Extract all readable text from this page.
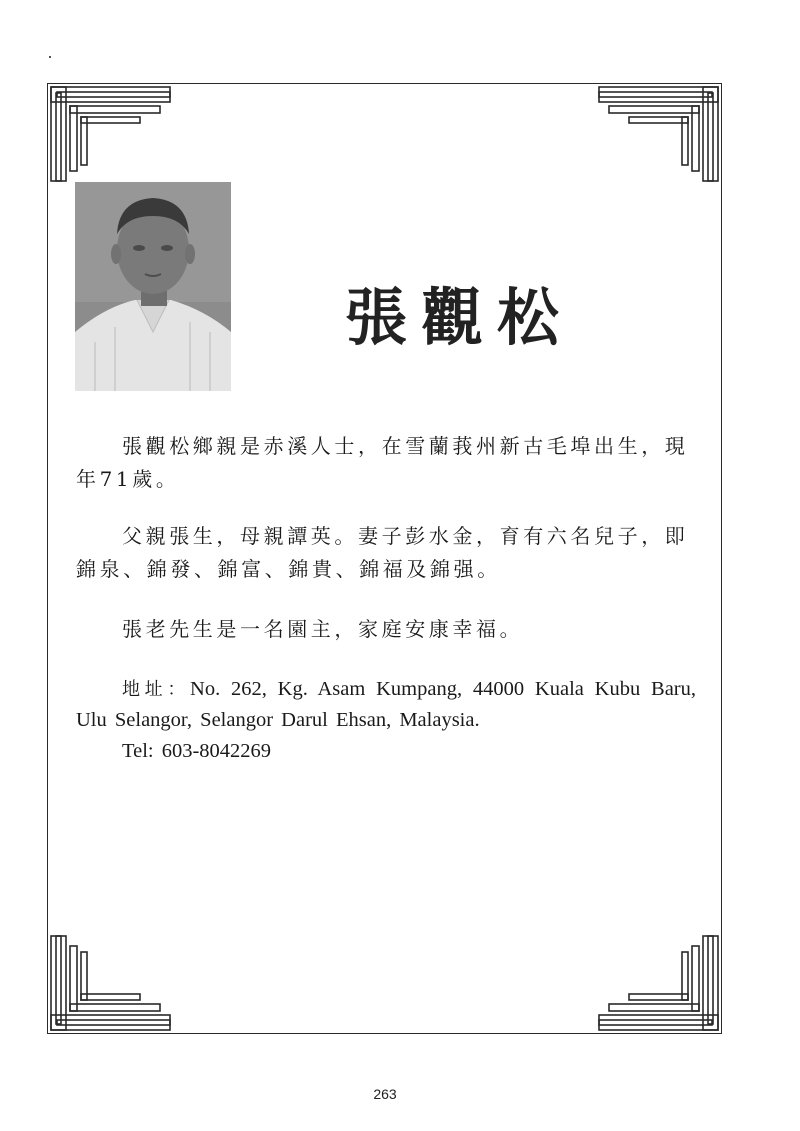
張觀松

張觀松鄉親是赤溪人士，在雪蘭莪州新古毛埠出生，現年71歲。

父親張生，母親譚英。妻子彭水金，育有六名兒子，即錦泉、錦發、錦富、錦貴、錦福及錦强。

張老先生是一名園主，家庭安康幸福。

地址：No. 262, Kg. Asam Kumpang, 44000 Kuala Kubu Baru, Ulu Selangor, Selangor Darul Ehsan, Malaysia.

Tel: 603-8042269
263
